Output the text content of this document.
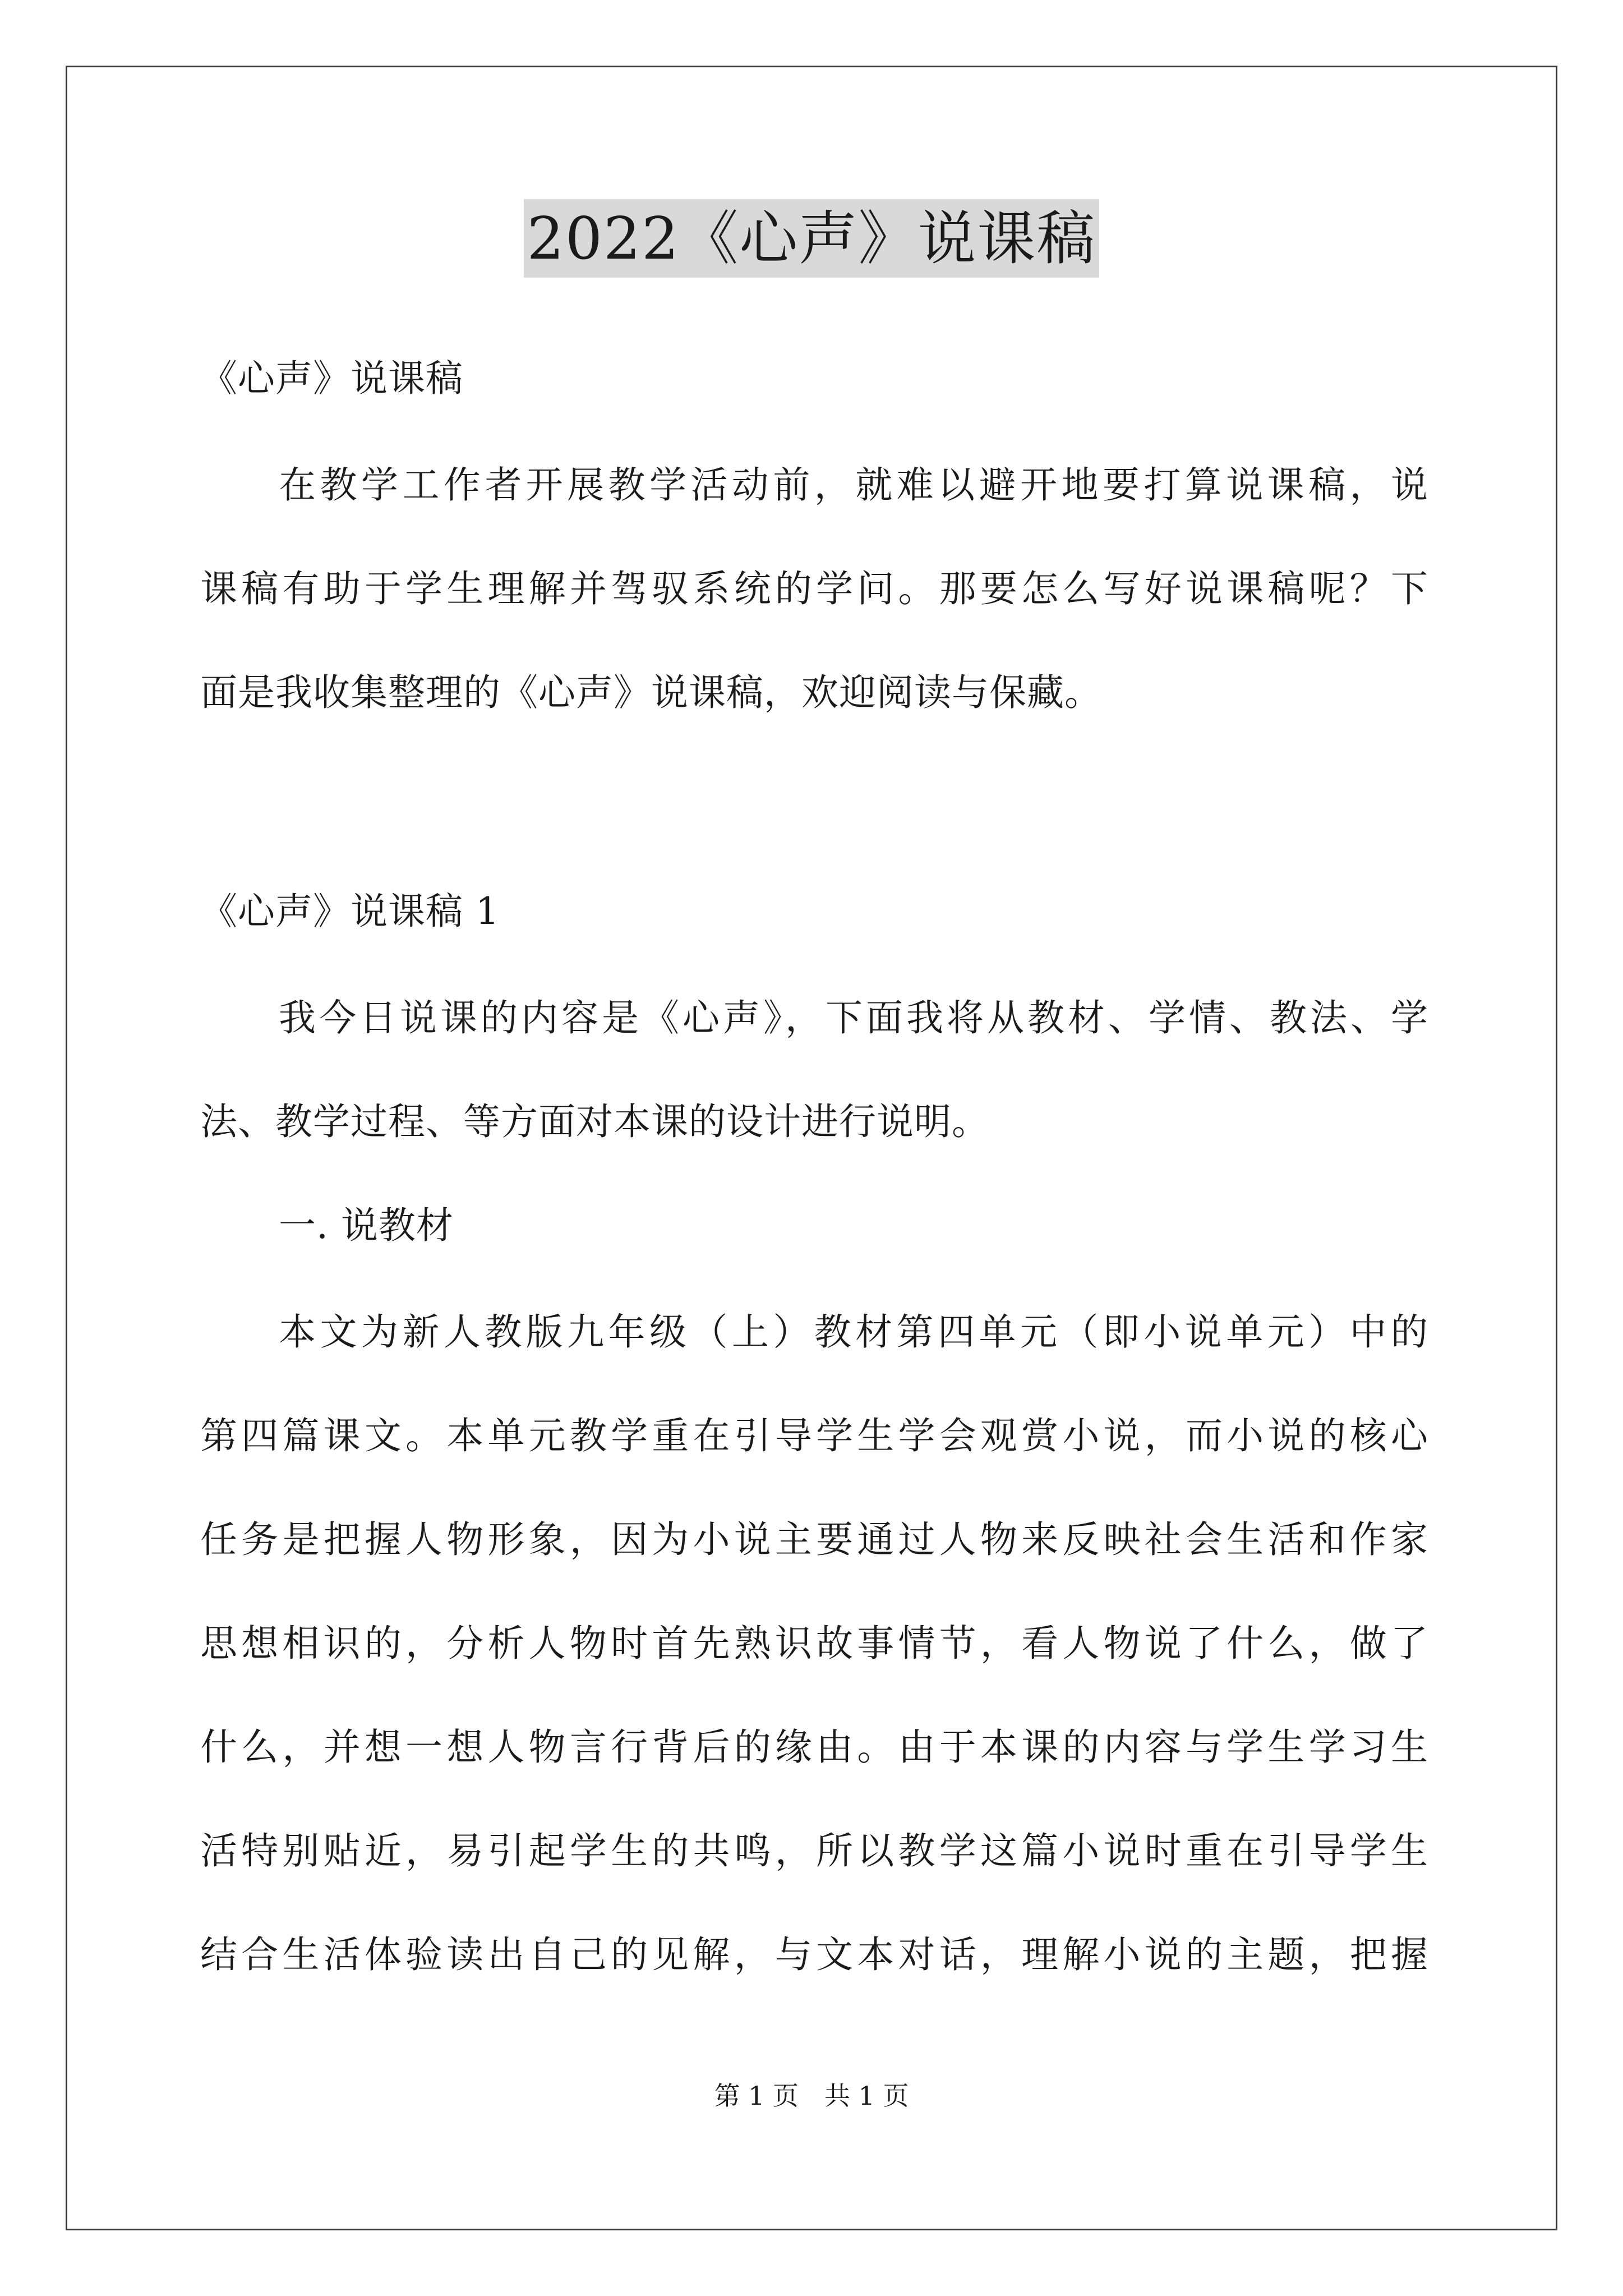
2022《心声》说课稿
《心声》说课稿
在教学工作者开展教学活动前，就难以避开地要打算说课稿，说
课稿有助于学生理解并驾驭系统的学问。那要怎么写好说课稿呢？下
面是我收集整理的《心声》说课稿，欢迎阅读与保藏。
《心声》说课稿 1
我今日说课的内容是《心声》，下面我将从教材、学情、教法、学
法、教学过程、等方面对本课的设计进行说明。
一. 说教材
本文为新人教版九年级（上）教材第四单元（即小说单元）中的
第四篇课文。本单元教学重在引导学生学会观赏小说，而小说的核心
任务是把握人物形象，因为小说主要通过人物来反映社会生活和作家
思想相识的，分析人物时首先熟识故事情节，看人物说了什么，做了
什么，并想一想人物言行背后的缘由。由于本课的内容与学生学习生
活特别贴近，易引起学生的共鸣，所以教学这篇小说时重在引导学生
结合生活体验读出自己的见解，与文本对话，理解小说的主题，把握
第 1 页　共 1 页
